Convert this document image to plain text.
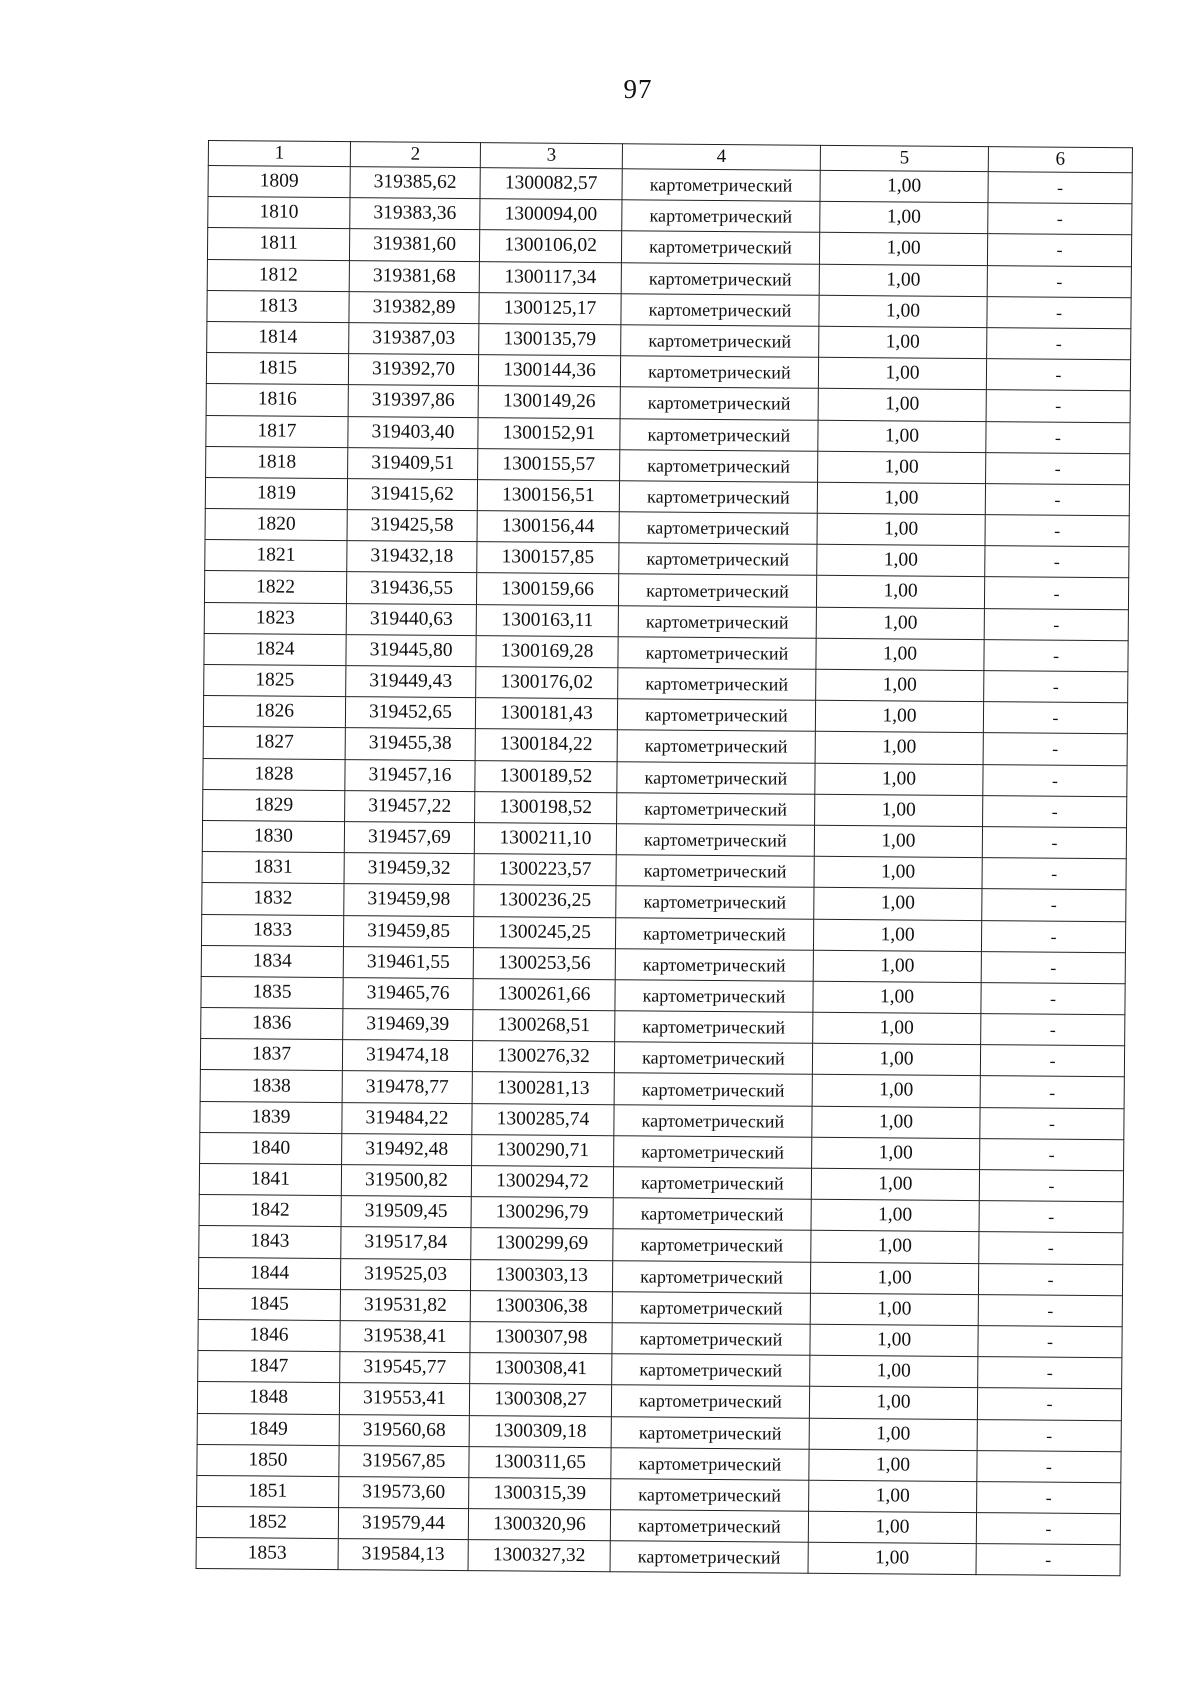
97
1	2	3	4	5	6
1809	319385,62	1300082,57	картометрический	1,00	-
1810	319383,36	1300094,00	картометрический	1,00	-
1811	319381,60	1300106,02	картометрический	1,00	-
1812	319381,68	1300117,34	картометрический	1,00	-
1813	319382,89	1300125,17	картометрический	1,00	-
1814	319387,03	1300135,79	картометрический	1,00	-
1815	319392,70	1300144,36	картометрический	1,00	-
1816	319397,86	1300149,26	картометрический	1,00	-
1817	319403,40	1300152,91	картометрический	1,00	-
1818	319409,51	1300155,57	картометрический	1,00	-
1819	319415,62	1300156,51	картометрический	1,00	-
1820	319425,58	1300156,44	картометрический	1,00	-
1821	319432,18	1300157,85	картометрический	1,00	-
1822	319436,55	1300159,66	картометрический	1,00	-
1823	319440,63	1300163,11	картометрический	1,00	-
1824	319445,80	1300169,28	картометрический	1,00	-
1825	319449,43	1300176,02	картометрический	1,00	-
1826	319452,65	1300181,43	картометрический	1,00	-
1827	319455,38	1300184,22	картометрический	1,00	-
1828	319457,16	1300189,52	картометрический	1,00	-
1829	319457,22	1300198,52	картометрический	1,00	-
1830	319457,69	1300211,10	картометрический	1,00	-
1831	319459,32	1300223,57	картометрический	1,00	-
1832	319459,98	1300236,25	картометрический	1,00	-
1833	319459,85	1300245,25	картометрический	1,00	-
1834	319461,55	1300253,56	картометрический	1,00	-
1835	319465,76	1300261,66	картометрический	1,00	-
1836	319469,39	1300268,51	картометрический	1,00	-
1837	319474,18	1300276,32	картометрический	1,00	-
1838	319478,77	1300281,13	картометрический	1,00	-
1839	319484,22	1300285,74	картометрический	1,00	-
1840	319492,48	1300290,71	картометрический	1,00	-
1841	319500,82	1300294,72	картометрический	1,00	-
1842	319509,45	1300296,79	картометрический	1,00	-
1843	319517,84	1300299,69	картометрический	1,00	-
1844	319525,03	1300303,13	картометрический	1,00	-
1845	319531,82	1300306,38	картометрический	1,00	-
1846	319538,41	1300307,98	картометрический	1,00	-
1847	319545,77	1300308,41	картометрический	1,00	-
1848	319553,41	1300308,27	картометрический	1,00	-
1849	319560,68	1300309,18	картометрический	1,00	-
1850	319567,85	1300311,65	картометрический	1,00	-
1851	319573,60	1300315,39	картометрический	1,00	-
1852	319579,44	1300320,96	картометрический	1,00	-
1853	319584,13	1300327,32	картометрический	1,00	-
